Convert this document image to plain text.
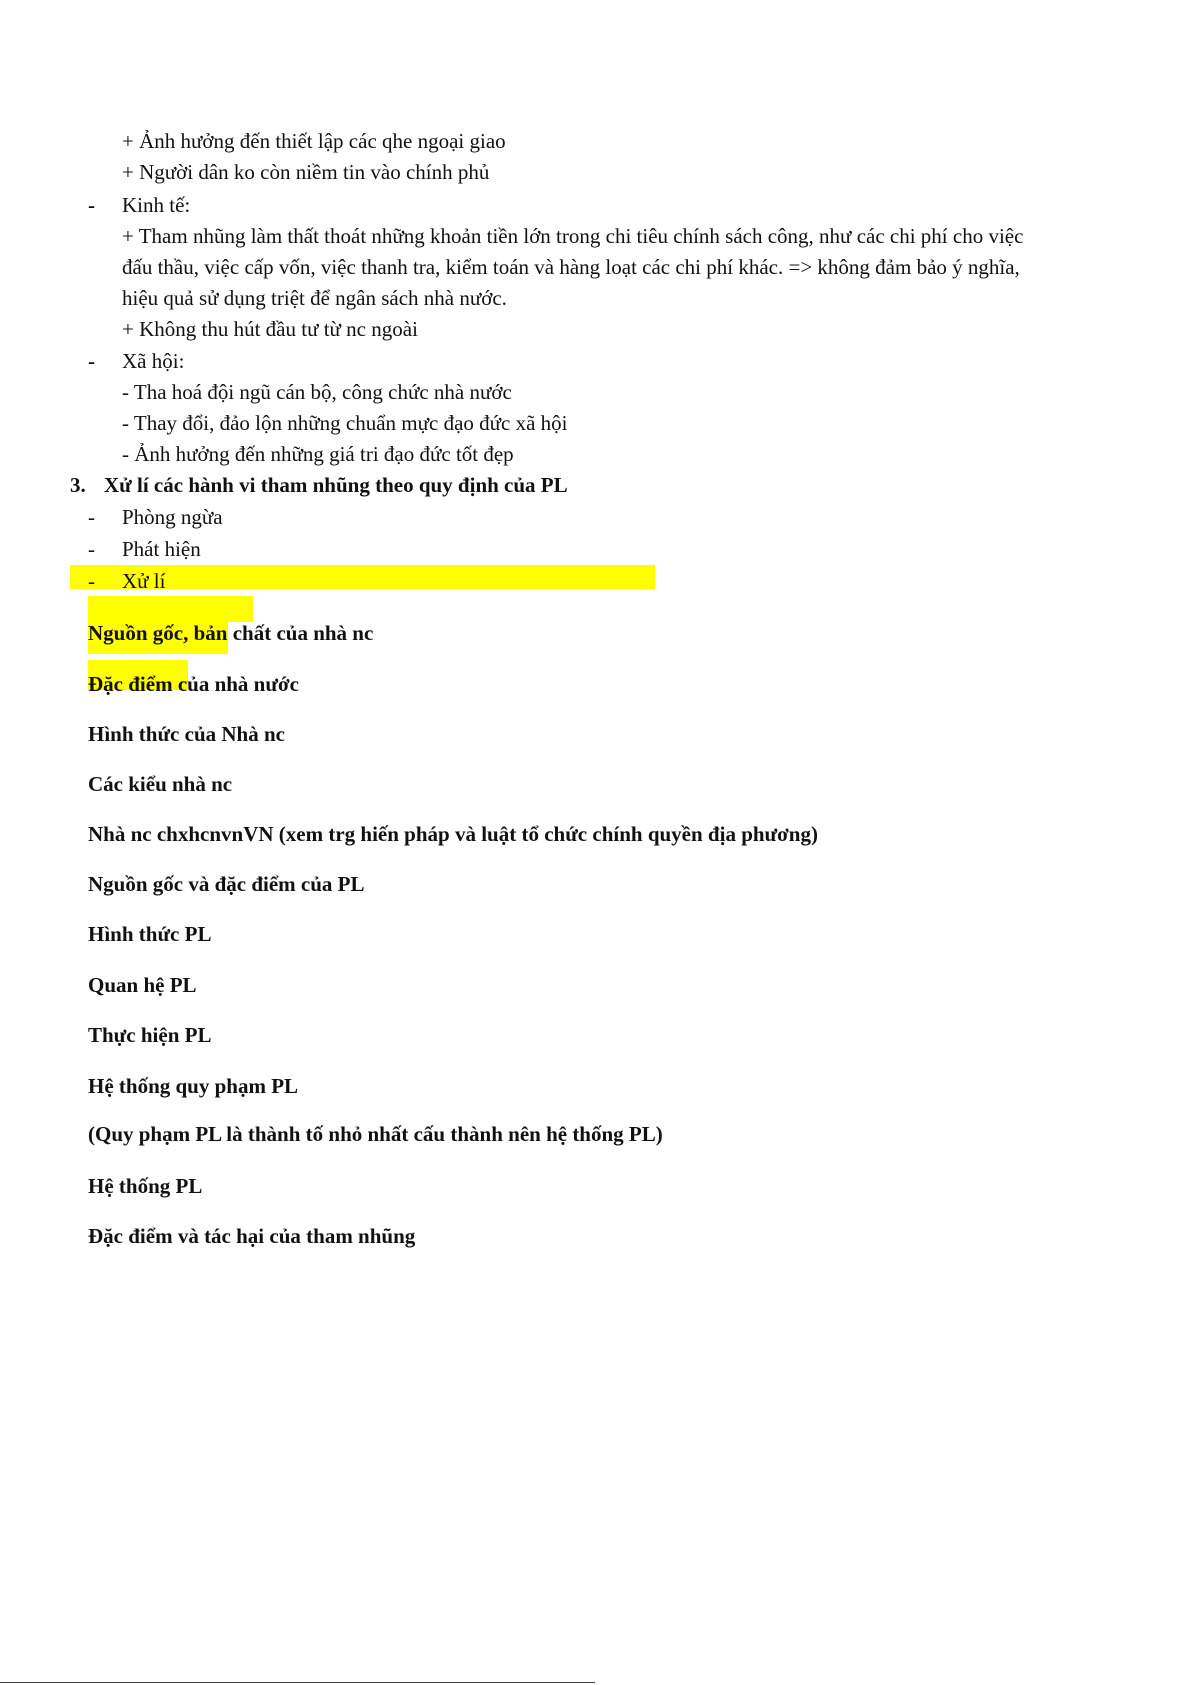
+ Ảnh hưởng đến thiết lập các qhe ngoại giao
+ Người dân ko còn niềm tin vào chính phủ
- Kinh tế:
+ Tham nhũng làm thất thoát những khoản tiền lớn trong chi tiêu chính sách công, như các chi phí cho việc
đấu thầu, việc cấp vốn, việc thanh tra, kiểm toán và hàng loạt các chi phí khác. => không đảm bảo ý nghĩa,
hiệu quả sử dụng triệt để ngân sách nhà nước.
+ Không thu hút đầu tư từ nc ngoài
- Xã hội:
- Tha hoá đội ngũ cán bộ, công chức nhà nước
- Thay đổi, đảo lộn những chuẩn mực đạo đức xã hội
- Ảnh hưởng đến những giá tri đạo đức tốt đẹp
3. Xử lí các hành vi tham nhũng theo quy định của PL
- Phòng ngừa
- Phát hiện
- Xử lí
Nguồn gốc, bản chất của nhà nc
Đặc điểm của nhà nước
Hình thức của Nhà nc
Các kiểu nhà nc
Nhà nc chxhcnvnVN (xem trg hiến pháp và luật tổ chức chính quyền địa phương)
Nguồn gốc và đặc điểm của PL
Hình thức PL
Quan hệ PL
Thực hiện PL
Hệ thống quy phạm PL
(Quy phạm PL là thành tố nhỏ nhất cấu thành nên hệ thống PL)
Hệ thống PL
Đặc điểm và tác hại của tham nhũng
